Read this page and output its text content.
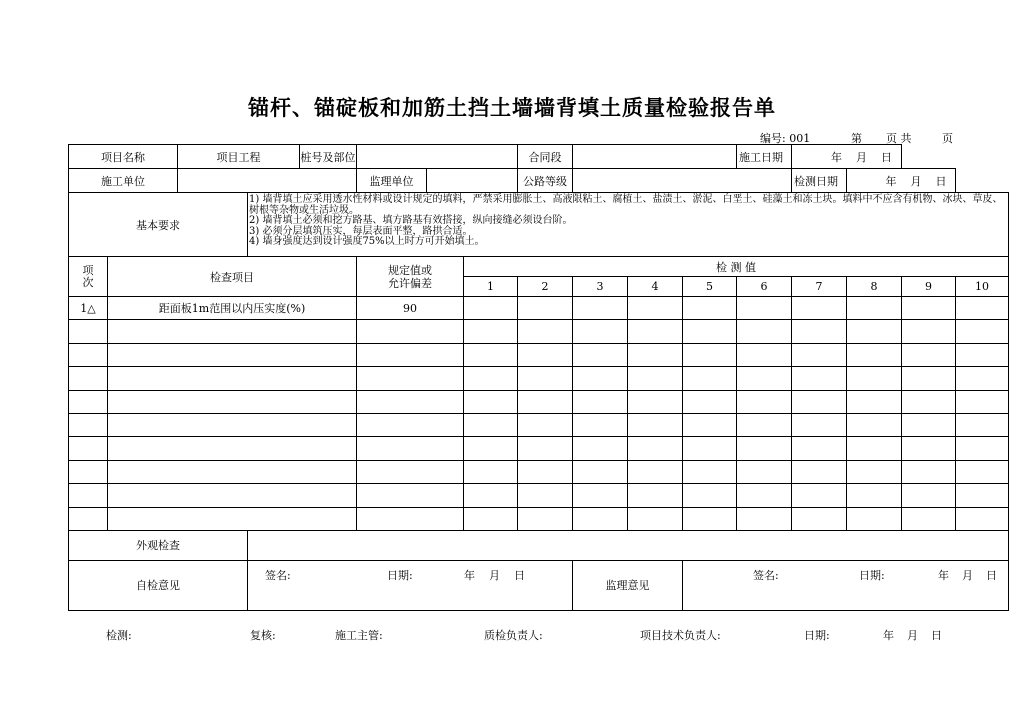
锚杆、锚碇板和加筋土挡土墙墙背填土质量检验报告单
编号: 001	第 页 共	页
项目名称		项目工程		桩号及部位				合同段				施工日期	年 月 日			
施工单位					监理单位			公路等级					检测日期	年 月 日		
基本要求			1) 墙背填土应采用透水性材料或设计规定的填料，严禁采用膨胀土、高液限粘土、腐植土、盐渍土、淤泥、白垩土、硅藻土和冻土块。填料中不应含有机物、冰块、草皮、树根等杂物或生活垃圾。
2) 墙背填土必须和挖方路基、填方路基有效搭接，纵向接缝必须设台阶。
3) 必须分层填筑压实，每层表面平整，路拱合适。
4) 墙身强度达到设计强度75%以上时方可开始填土。													

项
次	检查项目				规定值或
允许偏差		检 测 值									
							1	2	3	4	5	6	7	8	9	10
1△	距面板1m范围以内压实度(%)				90											

外观检查																
自检意见			签名: 日期: 年 月 日						监理意见		签名: 日期: 年 月 日					
检测:	复核:	施工主管:	质检负责人:	项目技术负责人:	日期:	年 月 日
